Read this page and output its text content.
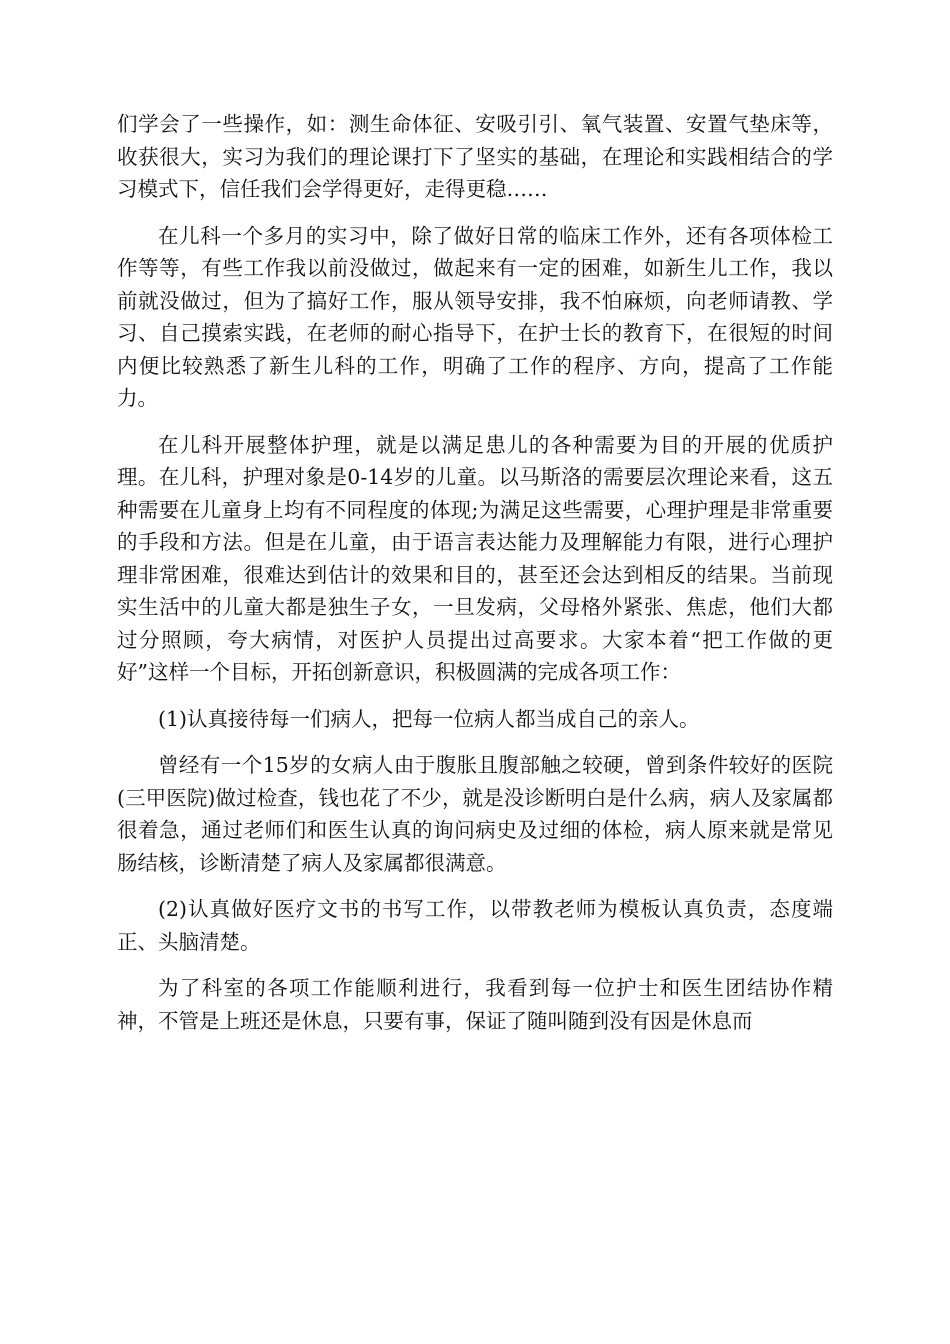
们学会了一些操作，如：测生命体征、安吸引引、氧气装置、安置气垫床等，收获很大，实习为我们的理论课打下了坚实的基础，在理论和实践相结合的学习模式下，信任我们会学得更好，走得更稳……

在儿科一个多月的实习中，除了做好日常的临床工作外，还有各项体检工作等等，有些工作我以前没做过，做起来有一定的困难，如新生儿工作，我以前就没做过，但为了搞好工作，服从领导安排，我不怕麻烦，向老师请教、学习、自己摸索实践，在老师的耐心指导下，在护士长的教育下，在很短的时间内便比较熟悉了新生儿科的工作，明确了工作的程序、方向，提高了工作能力。

在儿科开展整体护理，就是以满足患儿的各种需要为目的开展的优质护理。在儿科，护理对象是0-14岁的儿童。以马斯洛的需要层次理论来看，这五种需要在儿童身上均有不同程度的体现;为满足这些需要，心理护理是非常重要的手段和方法。但是在儿童，由于语言表达能力及理解能力有限，进行心理护理非常困难，很难达到估计的效果和目的，甚至还会达到相反的结果。当前现实生活中的儿童大都是独生子女，一旦发病，父母格外紧张、焦虑，他们大都过分照顾，夸大病情，对医护人员提出过高要求。大家本着“把工作做的更好”这样一个目标，开拓创新意识，积极圆满的完成各项工作：

(1)认真接待每一们病人，把每一位病人都当成自己的亲人。

曾经有一个15岁的女病人由于腹胀且腹部触之较硬，曾到条件较好的医院(三甲医院)做过检查，钱也花了不少，就是没诊断明白是什么病，病人及家属都很着急，通过老师们和医生认真的询问病史及过细的体检，病人原来就是常见肠结核，诊断清楚了病人及家属都很满意。

(2)认真做好医疗文书的书写工作，以带教老师为模板认真负责，态度端正、头脑清楚。

为了科室的各项工作能顺利进行，我看到每一位护士和医生团结协作精神，不管是上班还是休息，只要有事，保证了随叫随到没有因是休息而
